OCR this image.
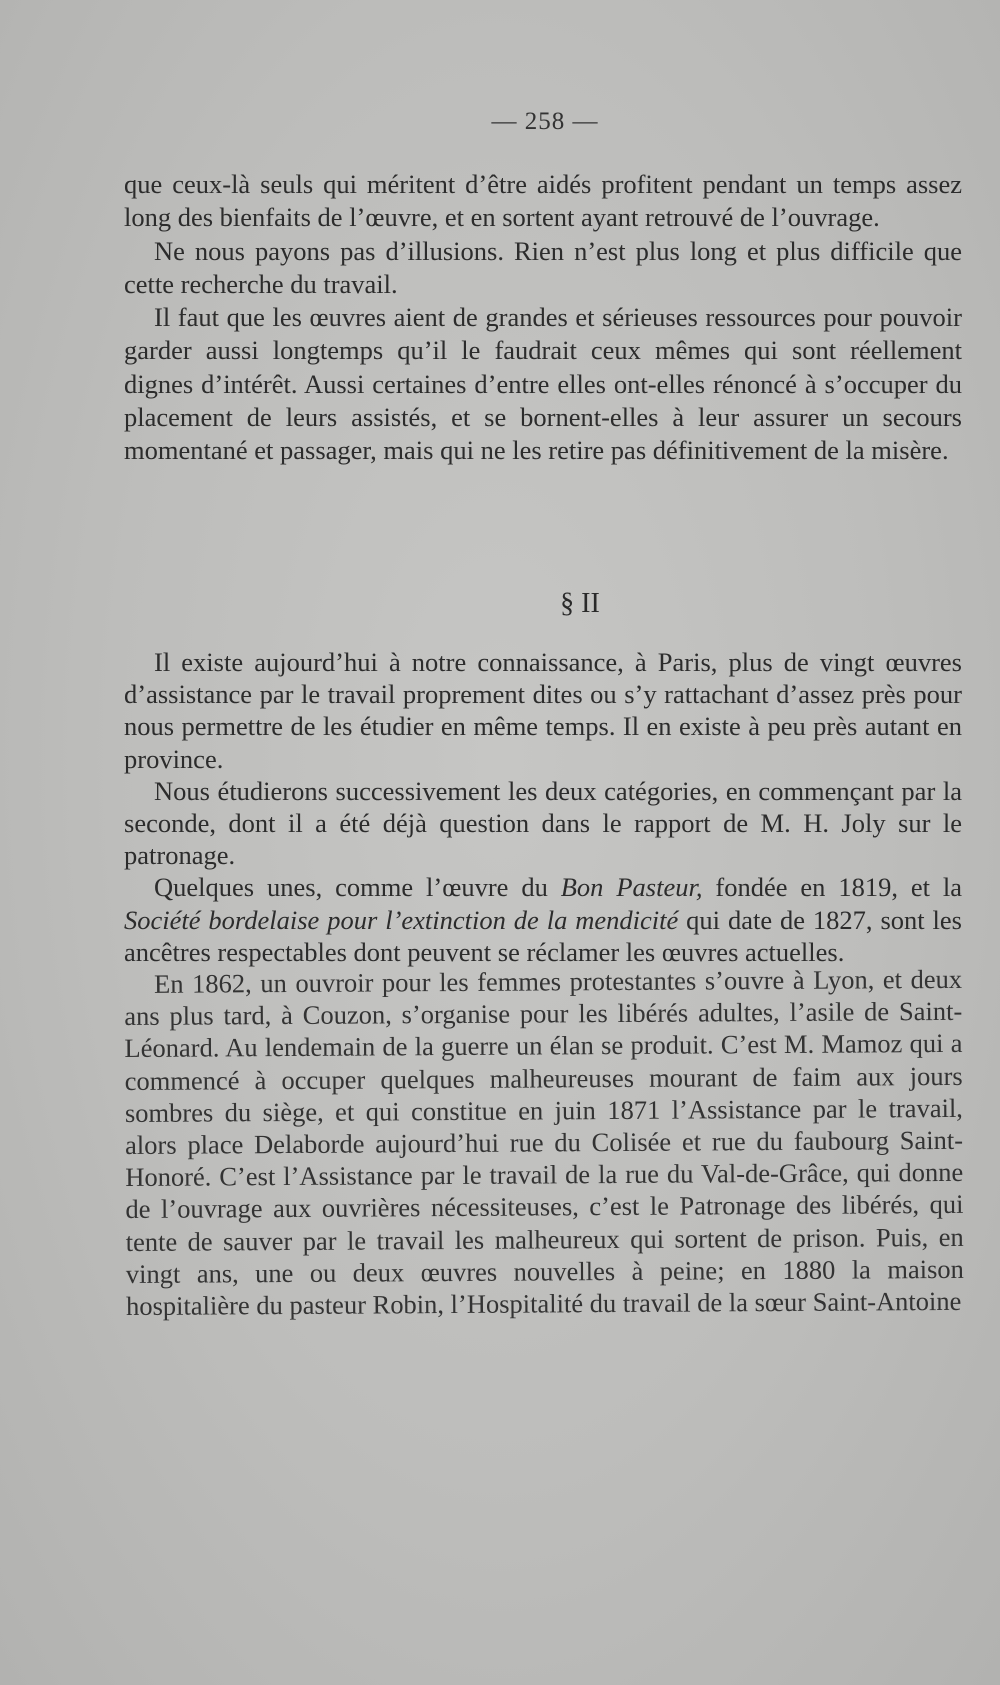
— 258 —

que ceux-là seuls qui méritent d’être aidés profitent pendant un temps assez long des bienfaits de l’œuvre, et en sortent ayant retrouvé de l’ouvrage.

Ne nous payons pas d’illusions. Rien n’est plus long et plus difficile que cette recherche du travail.

Il faut que les œuvres aient de grandes et sérieuses ressources pour pouvoir garder aussi longtemps qu’il le faudrait ceux mêmes qui sont réellement dignes d’intérêt. Aussi certaines d’entre elles ont-elles rénoncé à s’occuper du placement de leurs assistés, et se bornent-elles à leur assurer un secours momentané et passager, mais qui ne les retire pas définitivement de la misère.

§ II

Il existe aujourd’hui à notre connaissance, à Paris, plus de vingt œuvres d’assistance par le travail proprement dites ou s’y rattachant d’assez près pour nous permettre de les étudier en même temps. Il en existe à peu près autant en province.

Nous étudierons successivement les deux catégories, en commençant par la seconde, dont il a été déjà question dans le rapport de M. H. Joly sur le patronage.

Quelques unes, comme l’œuvre du Bon Pasteur, fondée en 1819, et la Société bordelaise pour l’extinction de la mendicité qui date de 1827, sont les ancêtres respectables dont peuvent se réclamer les œuvres actuelles.

En 1862, un ouvroir pour les femmes protestantes s’ouvre à Lyon, et deux ans plus tard, à Couzon, s’organise pour les libérés adultes, l’asile de Saint-Léonard. Au lendemain de la guerre un élan se produit. C’est M. Mamoz qui a commencé à occuper quelques malheureuses mourant de faim aux jours sombres du siège, et qui constitue en juin 1871 l’Assistance par le travail, alors place Delaborde aujourd’hui rue du Colisée et rue du faubourg Saint-Honoré. C’est l’Assistance par le travail de la rue du Val-de-Grâce, qui donne de l’ouvrage aux ouvrières nécessiteuses, c’est le Patronage des libérés, qui tente de sauver par le travail les malheureux qui sortent de prison. Puis, en vingt ans, une ou deux œuvres nouvelles à peine; en 1880 la maison hospitalière du pasteur Robin, l’Hospitalité du travail de la sœur Saint-Antoine
